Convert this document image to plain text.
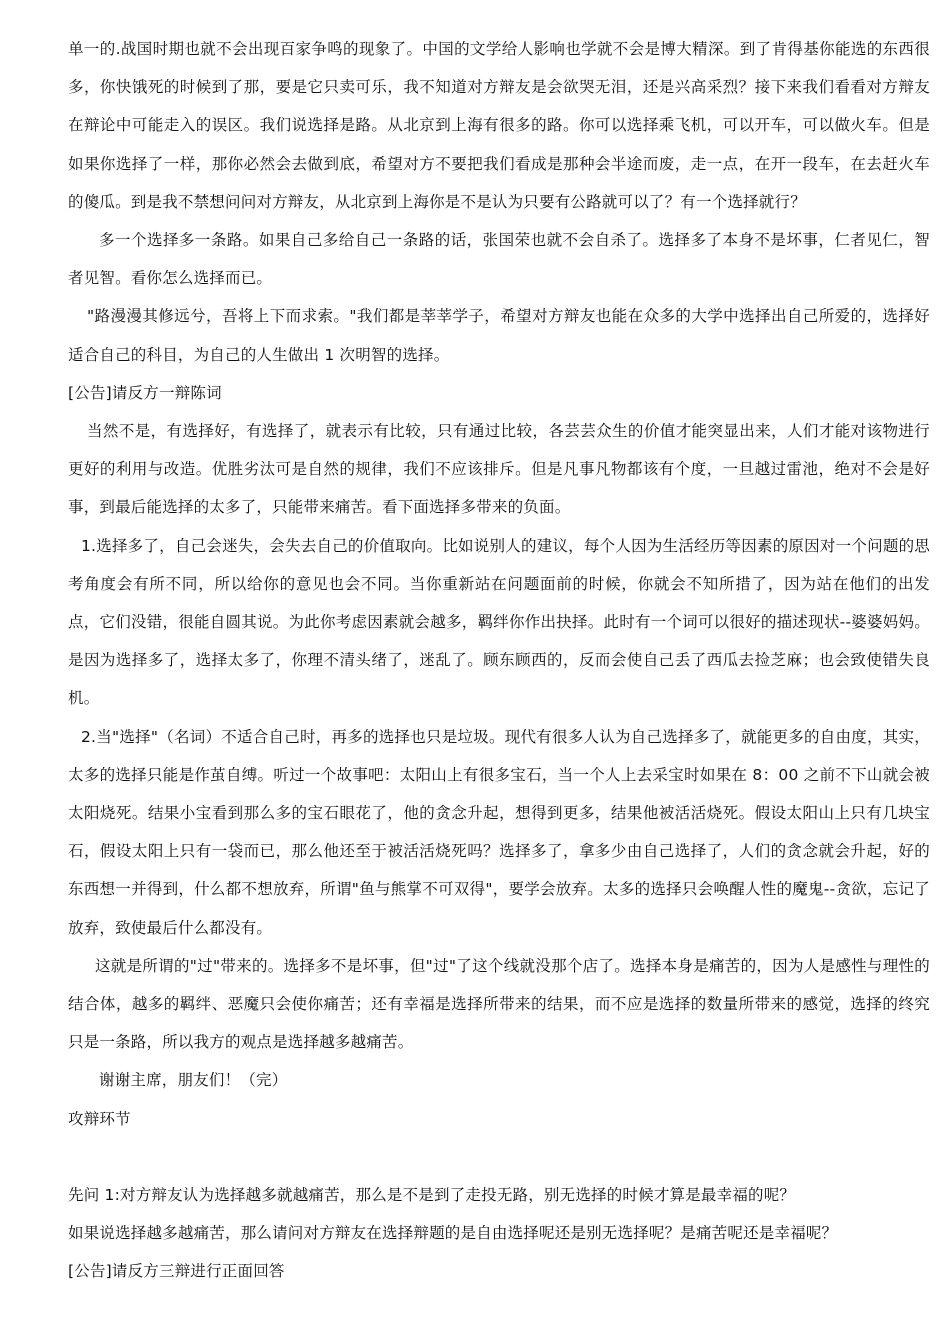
单一的.战国时期也就不会出现百家争鸣的现象了。中国的文学给人影响也学就不会是博大精深。到了肯得基你能选的东西很多，你快饿死的时候到了那，要是它只卖可乐，我不知道对方辩友是会欲哭无泪，还是兴高采烈？接下来我们看看对方辩友在辩论中可能走入的误区。我们说选择是路。从北京到上海有很多的路。你可以选择乘飞机，可以开车，可以做火车。但是如果你选择了一样，那你必然会去做到底，希望对方不要把我们看成是那种会半途而废，走一点，在开一段车，在去赶火车的傻瓜。到是我不禁想问问对方辩友，从北京到上海你是不是认为只要有公路就可以了？有一个选择就行？

多一个选择多一条路。如果自己多给自己一条路的话，张国荣也就不会自杀了。选择多了本身不是坏事，仁者见仁，智者见智。看你怎么选择而已。

"路漫漫其修远兮，吾将上下而求索。"我们都是莘莘学子，希望对方辩友也能在众多的大学中选择出自己所爱的，选择好适合自己的科目，为自己的人生做出 1 次明智的选择。

[公告]请反方一辩陈词

当然不是，有选择好，有选择了，就表示有比较，只有通过比较，各芸芸众生的价值才能突显出来，人们才能对该物进行更好的利用与改造。优胜劣汰可是自然的规律，我们不应该排斥。但是凡事凡物都该有个度，一旦越过雷池，绝对不会是好事，到最后能选择的太多了，只能带来痛苦。看下面选择多带来的负面。

1.选择多了，自己会迷失，会失去自己的价值取向。比如说别人的建议，每个人因为生活经历等因素的原因对一个问题的思考角度会有所不同，所以给你的意见也会不同。当你重新站在问题面前的时候，你就会不知所措了，因为站在他们的出发点，它们没错，很能自圆其说。为此你考虑因素就会越多，羁绊你作出抉择。此时有一个词可以很好的描述现状--婆婆妈妈。是因为选择多了，选择太多了，你理不清头绪了，迷乱了。顾东顾西的，反而会使自己丢了西瓜去捡芝麻；也会致使错失良机。

2.当"选择"（名词）不适合自己时，再多的选择也只是垃圾。现代有很多人认为自己选择多了，就能更多的自由度，其实，太多的选择只能是作茧自缚。听过一个故事吧：太阳山上有很多宝石，当一个人上去采宝时如果在 8：00 之前不下山就会被太阳烧死。结果小宝看到那么多的宝石眼花了，他的贪念升起，想得到更多，结果他被活活烧死。假设太阳山上只有几块宝石，假设太阳上只有一袋而已，那么他还至于被活活烧死吗？选择多了，拿多少由自己选择了，人们的贪念就会升起，好的东西想一并得到，什么都不想放弃，所谓"鱼与熊掌不可双得"，要学会放弃。太多的选择只会唤醒人性的魔鬼--贪欲，忘记了放弃，致使最后什么都没有。

这就是所谓的"过"带来的。选择多不是坏事，但"过"了这个线就没那个店了。选择本身是痛苦的，因为人是感性与理性的结合体，越多的羁绊、恶魔只会使你痛苦；还有幸福是选择所带来的结果，而不应是选择的数量所带来的感觉，选择的终究只是一条路，所以我方的观点是选择越多越痛苦。

谢谢主席，朋友们！（完）

攻辩环节

先问 1:对方辩友认为选择越多就越痛苦，那么是不是到了走投无路，别无选择的时候才算是最幸福的呢？

如果说选择越多越痛苦，那么请问对方辩友在选择辩题的是自由选择呢还是别无选择呢？是痛苦呢还是幸福呢？

[公告]请反方三辩进行正面回答
